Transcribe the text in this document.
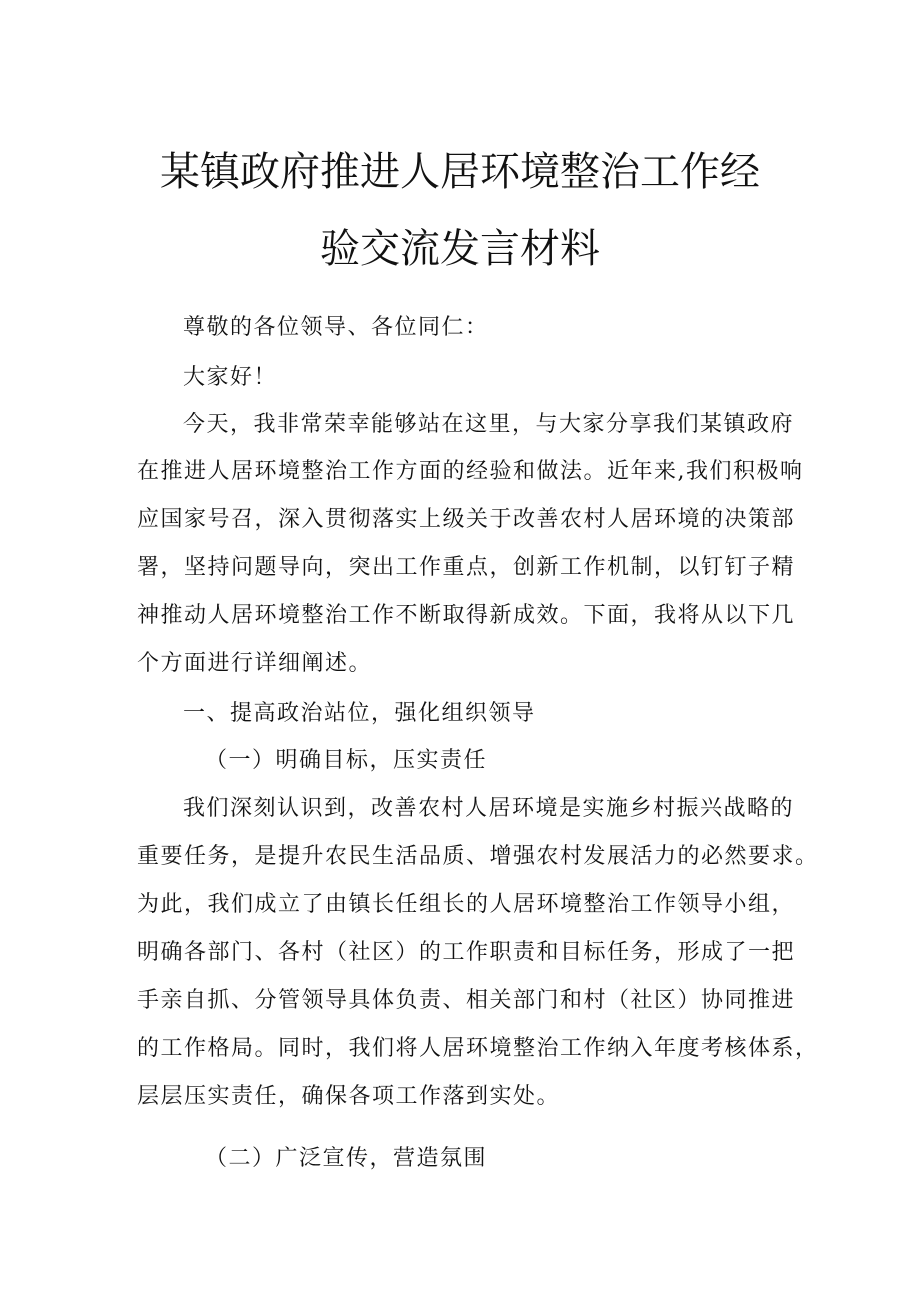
某镇政府推进人居环境整治工作经
验交流发言材料
尊敬的各位领导、各位同仁：
大家好！
今天，我非常荣幸能够站在这里，与大家分享我们某镇政府
在推进人居环境整治工作方面的经验和做法。近年来,我们积极响
应国家号召，深入贯彻落实上级关于改善农村人居环境的决策部
署，坚持问题导向，突出工作重点，创新工作机制，以钉钉子精
神推动人居环境整治工作不断取得新成效。下面，我将从以下几
个方面进行详细阐述。
一、提高政治站位，强化组织领导
（一）明确目标，压实责任
我们深刻认识到，改善农村人居环境是实施乡村振兴战略的
重要任务，是提升农民生活品质、增强农村发展活力的必然要求。
为此，我们成立了由镇长任组长的人居环境整治工作领导小组，
明确各部门、各村（社区）的工作职责和目标任务，形成了一把
手亲自抓、分管领导具体负责、相关部门和村（社区）协同推进
的工作格局。同时，我们将人居环境整治工作纳入年度考核体系，
层层压实责任，确保各项工作落到实处。
（二）广泛宣传，营造氛围
